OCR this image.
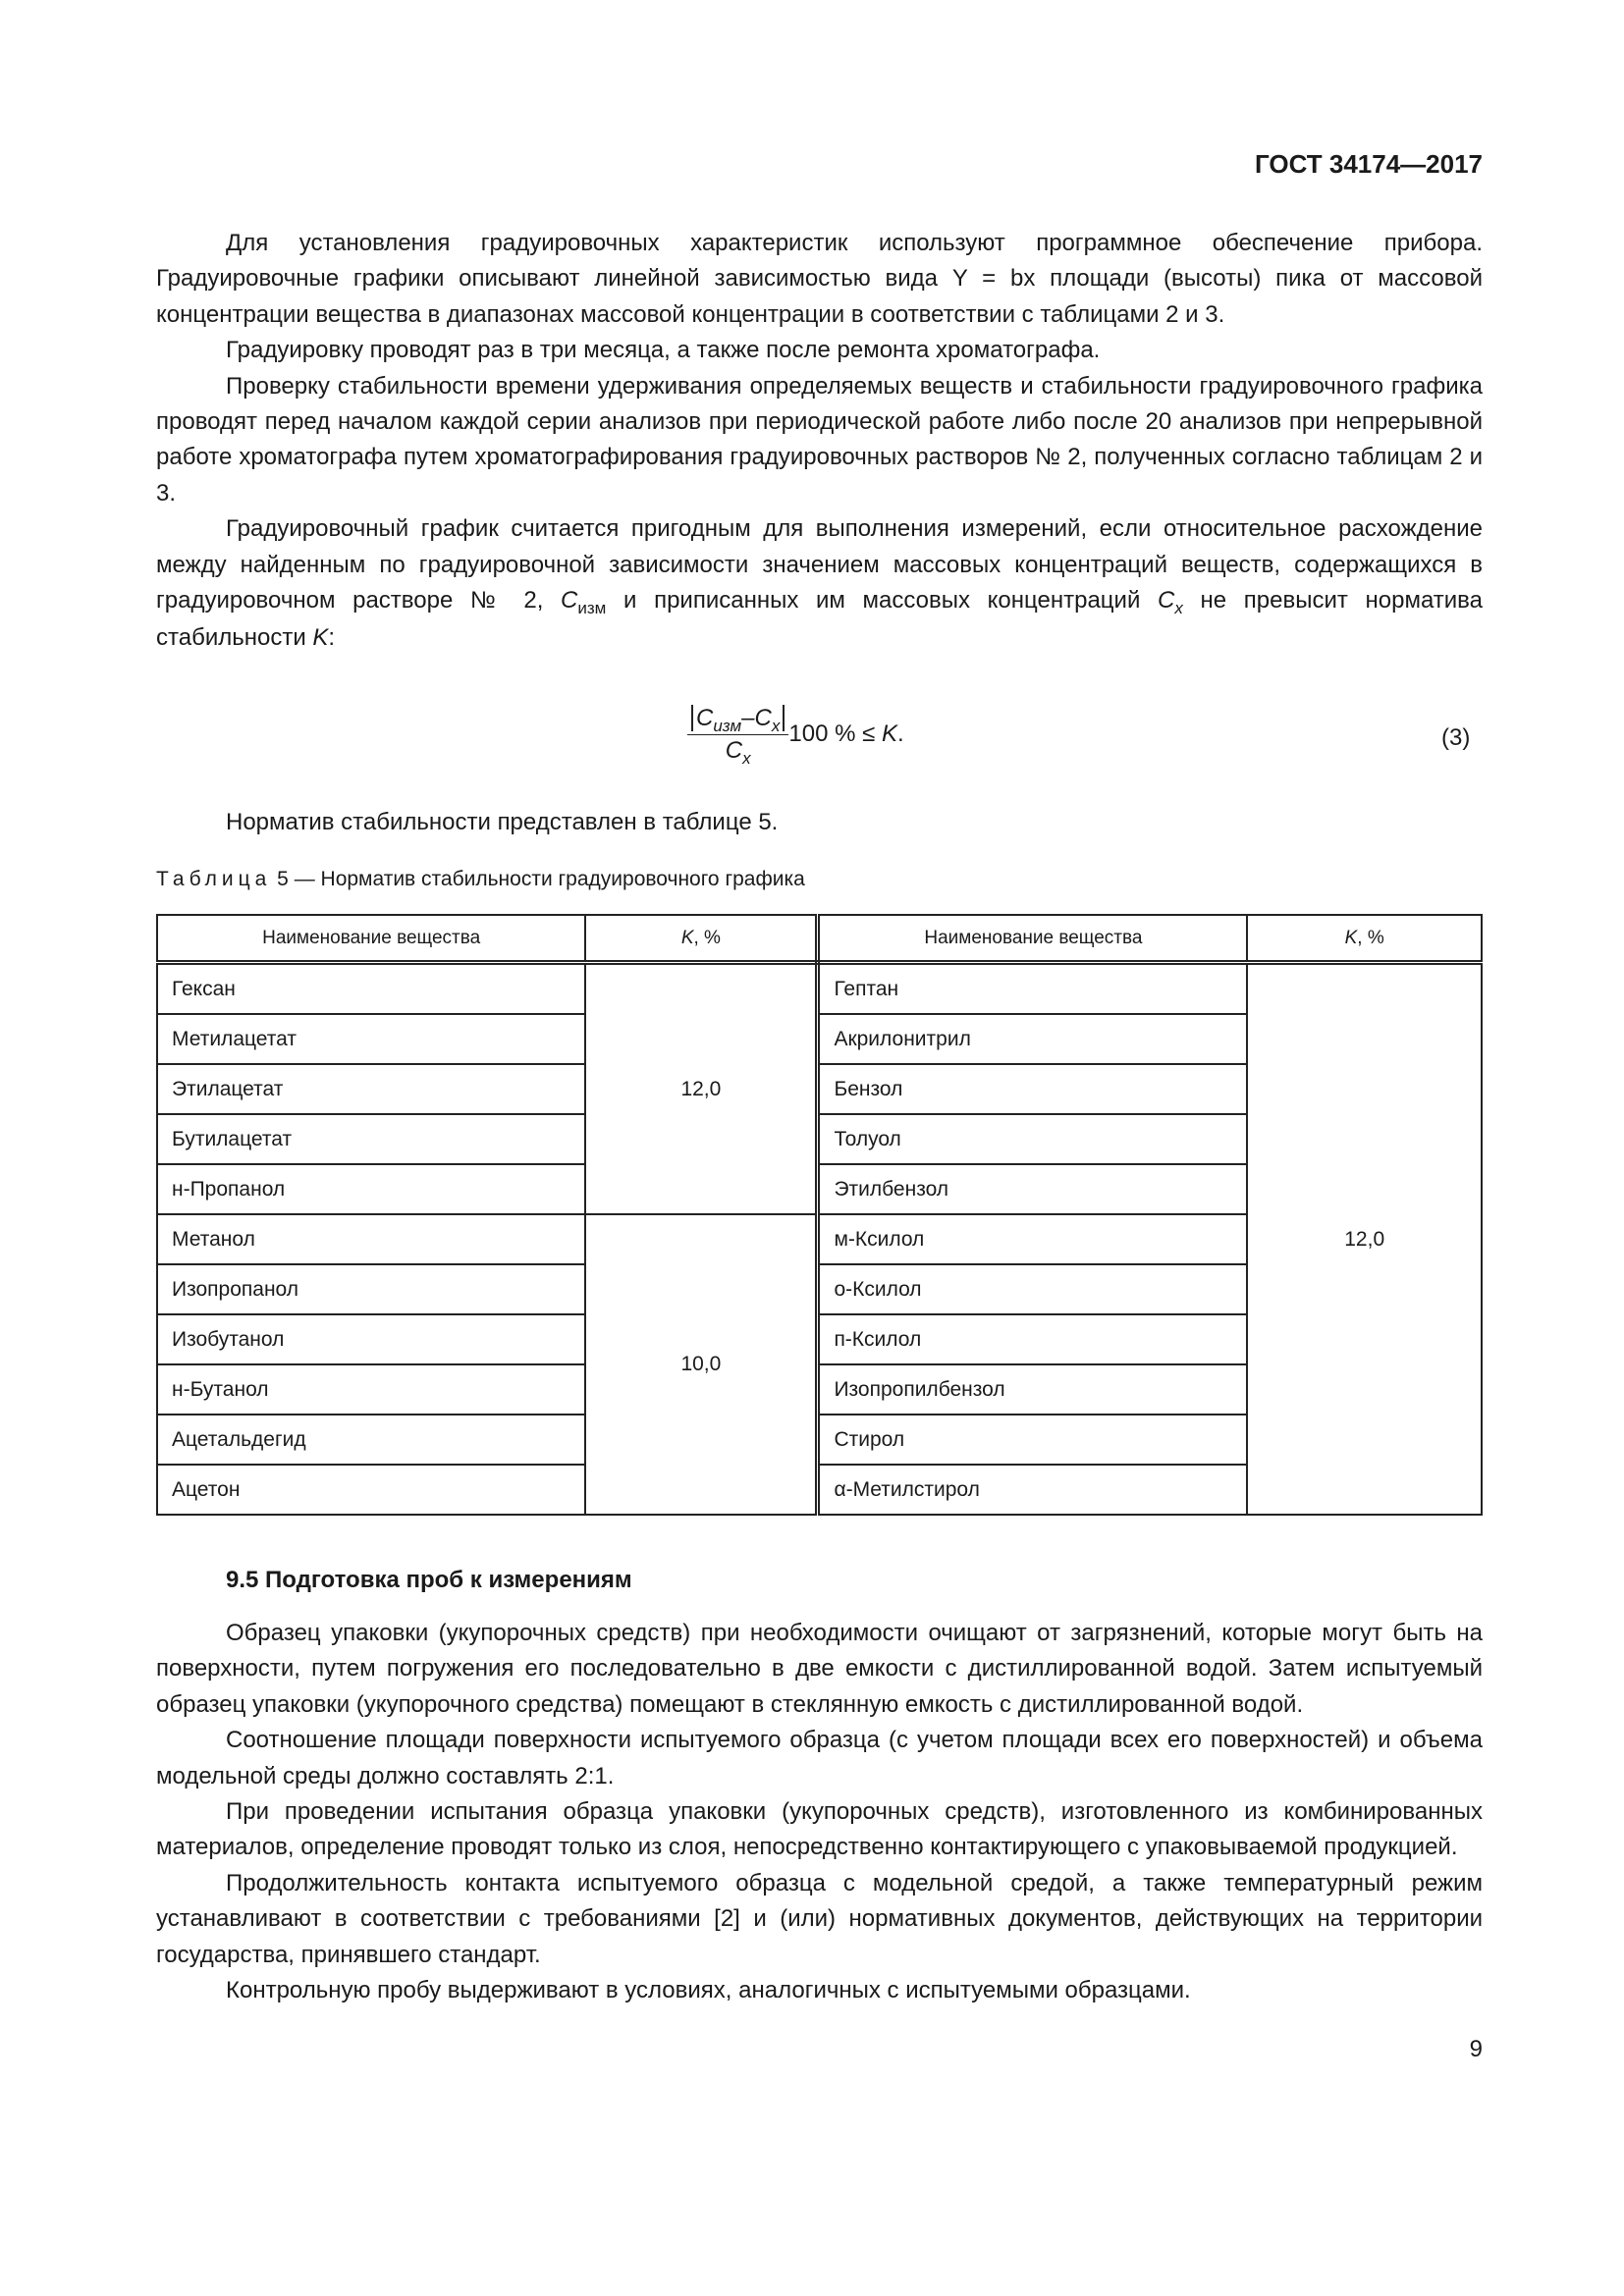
ГОСТ 34174—2017

Для установления градуировочных характеристик используют программное обеспечение прибора. Градуировочные графики описывают линейной зависимостью вида Y = bx площади (высоты) пика от массовой концентрации вещества в диапазонах массовой концентрации в соответствии с таблицами 2 и 3.

Градуировку проводят раз в три месяца, а также после ремонта хроматографа.

Проверку стабильности времени удерживания определяемых веществ и стабильности градуировочного графика проводят перед началом каждой серии анализов при периодической работе либо после 20 анализов при непрерывной работе хроматографа путем хроматографирования градуировочных растворов № 2, полученных согласно таблицам 2 и 3.

Градуировочный график считается пригодным для выполнения измерений, если относительное расхождение между найденным по градуировочной зависимости значением массовых концентраций веществ, содержащихся в градуировочном растворе № 2, $C_{изм}$ и приписанных им массовых концентраций $C_x$ не превысит норматива стабильности K:

$\frac{C_{изм}-C_x}{C_x} 100$ % ≤ K.	(3)

Норматив стабильности представлен в таблице 5.

Таблица 5 — Норматив стабильности градуировочного графика
Наименование вещества	K, %	Наименование вещества	K, %
Гексан	12,0	Гептан	12,0
Метилацетат		Акрилонитрил	
Этилацетат		Бензол	
Бутилацетат		Толуол	
н-Пропанол		Этилбензол	
Метанол	10,0	м-Ксилол	
Изопропанол		о-Ксилол	
Изобутанол		п-Ксилол	
н-Бутанол		Изопропилбензол	
Ацетальдегид		Стирол	
Ацетон		α-Метилстирол	
9.5 Подготовка проб к измерениям

Образец упаковки (укупорочных средств) при необходимости очищают от загрязнений, которые могут быть на поверхности, путем погружения его последовательно в две емкости с дистиллированной водой. Затем испытуемый образец упаковки (укупорочного средства) помещают в стеклянную емкость с дистиллированной водой.

Соотношение площади поверхности испытуемого образца (с учетом площади всех его поверхностей) и объема модельной среды должно составлять 2:1.

При проведении испытания образца упаковки (укупорочных средств), изготовленного из комбинированных материалов, определение проводят только из слоя, непосредственно контактирующего с упаковываемой продукцией.

Продолжительность контакта испытуемого образца с модельной средой, а также температурный режим устанавливают в соответствии с требованиями [2] и (или) нормативных документов, действующих на территории государства, принявшего стандарт.

Контрольную пробу выдерживают в условиях, аналогичных с испытуемыми образцами.

9
